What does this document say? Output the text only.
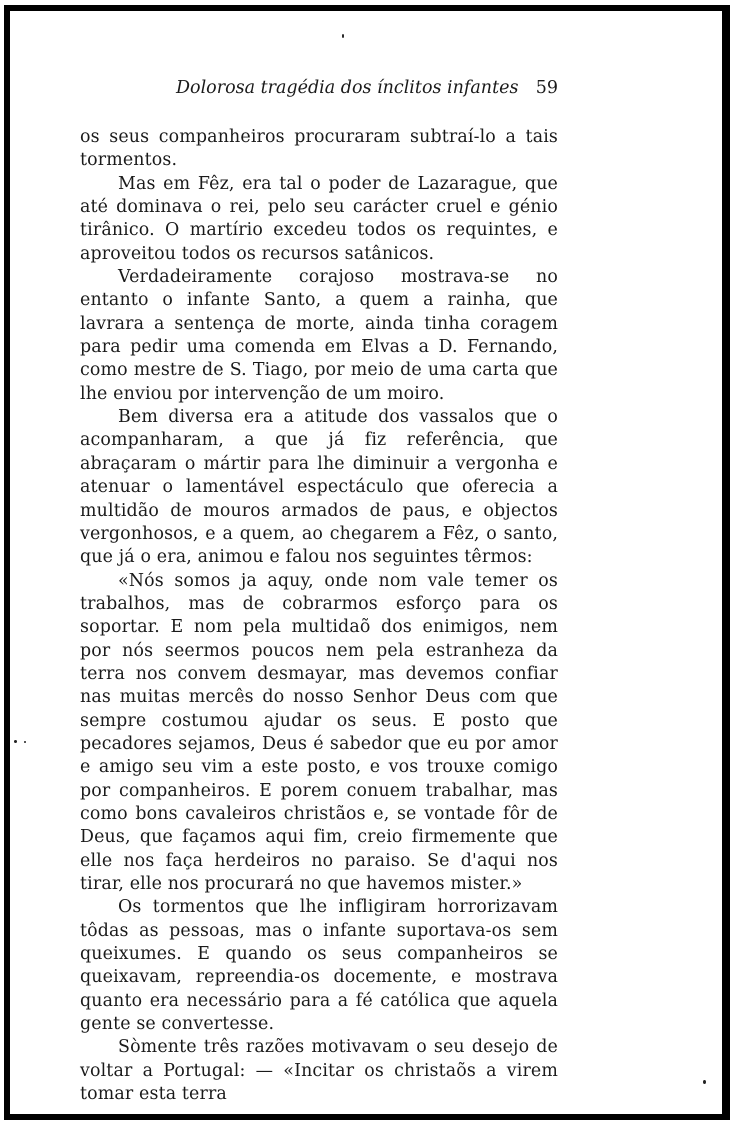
Dolorosa tragédia dos ínclitos infantes 59

os seus companheiros procuraram subtraí-lo a tais tormentos.

Mas em Fêz, era tal o poder de Lazarague, que até dominava o rei, pelo seu carácter cruel e génio tirânico. O martírio excedeu todos os requintes, e aproveitou todos os recursos satânicos.

Verdadeiramente corajoso mostrava-se no entanto o infante Santo, a quem a rainha, que lavrara a sentença de morte, ainda tinha coragem para pedir uma comenda em Elvas a D. Fernando, como mestre de S. Tiago, por meio de uma carta que lhe enviou por intervenção de um moiro.

Bem diversa era a atitude dos vassalos que o acompanharam, a que já fiz referência, que abraçaram o mártir para lhe diminuir a vergonha e atenuar o lamentável espectáculo que oferecia a multidão de mouros armados de paus, e objectos vergonhosos, e a quem, ao chegarem a Fêz, o santo, que já o era, animou e falou nos seguintes têrmos:

«Nós somos ja aquy, onde nom vale temer os trabalhos, mas de cobrarmos esforço para os soportar. E nom pela multidaõ dos enimigos, nem por nós seermos poucos nem pela estranheza da terra nos convem desmayar, mas devemos confiar nas muitas mercês do nosso Senhor Deus com que sempre costumou ajudar os seus. E posto que pecadores sejamos, Deus é sabedor que eu por amor e amigo seu vim a este posto, e vos trouxe comigo por companheiros. E porem conuem trabalhar, mas como bons cavaleiros christãos e, se vontade fôr de Deus, que façamos aqui fim, creio firmemente que elle nos faça herdeiros no paraiso. Se d'aqui nos tirar, elle nos procurará no que havemos mister.»

Os tormentos que lhe infligiram horrorizavam tôdas as pessoas, mas o infante suportava-os sem queixumes. E quando os seus companheiros se queixavam, repreendia-os docemente, e mostrava quanto era necessário para a fé católica que aquela gente se convertesse.

Sòmente três razões motivavam o seu desejo de voltar a Portugal: — «Incitar os christaõs a virem tomar esta terra
